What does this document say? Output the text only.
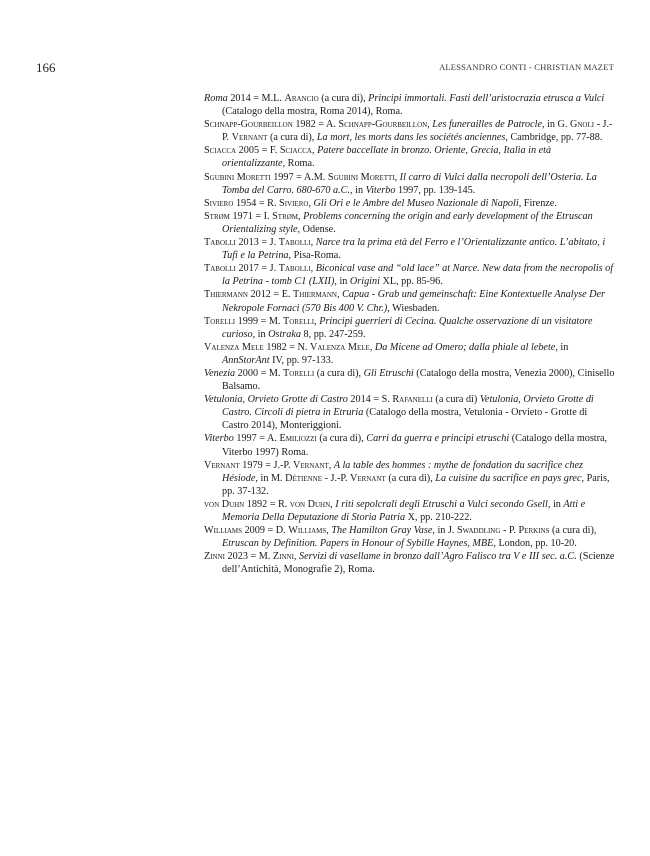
166	ALESSANDRO CONTI - CHRISTIAN MAZET

Roma 2014 = M.L. Arancio (a cura di), Principi immortali. Fasti dell’aristocrazia etrusca a Vulci (Catalogo della mostra, Roma 2014), Roma.

Schnapp-Gourbeillon 1982 = A. Schnapp-Gourbeillon, Les funerailles de Patrocle, in G. Gnoli - J.-P. Vernant (a cura di), La mort, les morts dans les sociétés anciennes, Cambridge, pp. 77-88.

Sciacca 2005 = F. Sciacca, Patere baccellate in bronzo. Oriente, Grecia, Italia in età orientalizzante, Roma.

Sgubini Moretti 1997 = A.M. Sgubini Moretti, Il carro di Vulci dalla necropoli dell’Osteria. La Tomba del Carro. 680-670 a.C., in Viterbo 1997, pp. 139-145.

Siviero 1954 = R. Siviero, Gli Ori e le Ambre del Museo Nazionale di Napoli, Firenze.

Strøm 1971 = I. Strøm, Problems concerning the origin and early development of the Etruscan Orientalizing style, Odense.

Tabolli 2013 = J. Tabolli, Narce tra la prima età del Ferro e l’Orientalizzante antico. L’abitato, i Tufi e la Petrina, Pisa-Roma.

Tabolli 2017 = J. Tabolli, Biconical vase and “old lace” at Narce. New data from the necropolis of la Petrina - tomb C1 (LXII), in Origini XL, pp. 85-96.

Thiermann 2012 = E. Thiermann, Capua - Grab und gemeinschaft: Eine Kontextuelle Analyse Der Nekropole Fornaci (570 Bis 400 V. Chr.), Wiesbaden.

Torelli 1999 = M. Torelli, Principi guerrieri di Cecina. Qualche osservazione di un visitatore curioso, in Ostraka 8, pp. 247-259.

Valenza Mele 1982 = N. Valenza Mele, Da Micene ad Omero; dalla phiale al lebete, in AnnStorAnt IV, pp. 97-133.

Venezia 2000 = M. Torelli (a cura di), Gli Etruschi (Catalogo della mostra, Venezia 2000), Cinisello Balsamo.

Vetulonia, Orvieto Grotte di Castro 2014 = S. Rafanelli (a cura di) Vetulonia, Orvieto Grotte di Castro. Circoli di pietra in Etruria (Catalogo della mostra, Vetulonia - Orvieto - Grotte di Castro 2014), Monteriggioni.

Viterbo 1997 = A. Emiliozzi (a cura di), Carri da guerra e principi etruschi (Catalogo della mostra, Viterbo 1997) Roma.

Vernant 1979 = J.-P. Vernant, A la table des hommes : mythe de fondation du sacrifice chez Hésiode, in M. Détienne - J.-P. Vernant (a cura di), La cuisine du sacrifice en pays grec, Paris, pp. 37-132.

von Duhn 1892 = R. von Duhn, I riti sepolcrali degli Etruschi a Vulci secondo Gsell, in Atti e Memoria Della Deputazione di Storia Patria X, pp. 210-222.

Williams 2009 = D. Williams, The Hamilton Gray Vase, in J. Swaddling - P. Perkins (a cura di), Etruscan by Definition. Papers in Honour of Sybille Haynes, MBE, London, pp. 10-20.

Zinni 2023 = M. Zinni, Servizi di vasellame in bronzo dall’Agro Falisco tra V e III sec. a.C. (Scienze dell’Antichità, Monografie 2), Roma.
